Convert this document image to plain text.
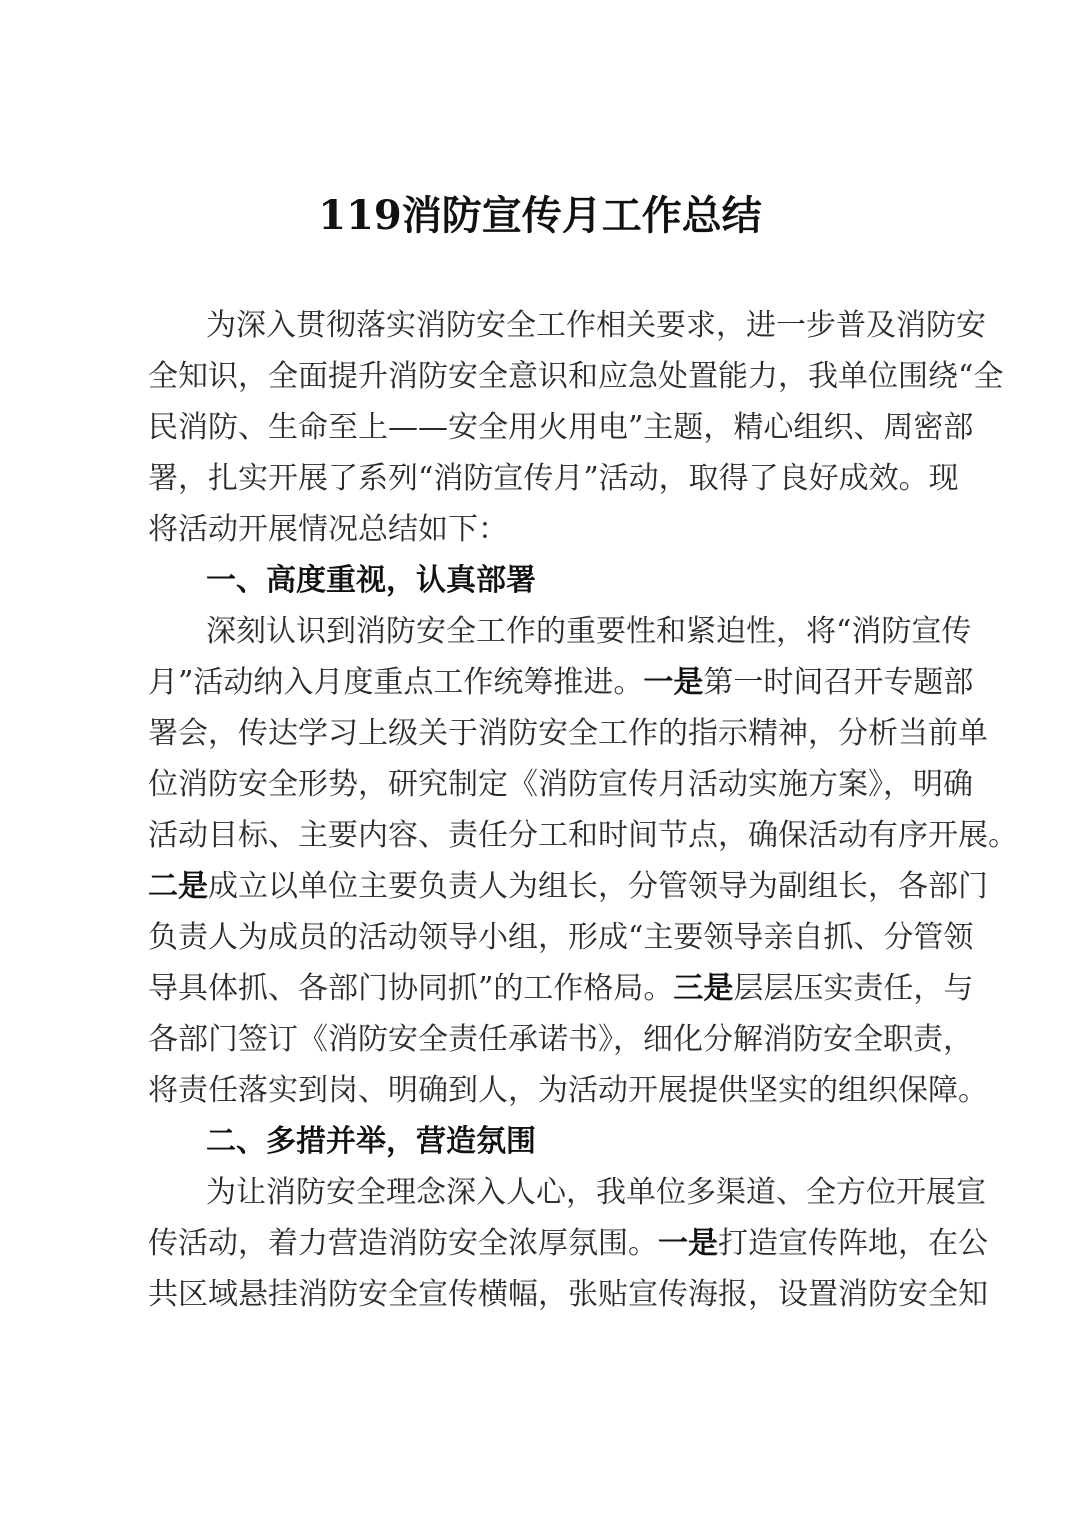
119消防宣传月工作总结
为深入贯彻落实消防安全工作相关要求，进一步普及消防安
全知识，全面提升消防安全意识和应急处置能力，我单位围绕“全
民消防、生命至上——安全用火用电”主题，精心组织、周密部
署，扎实开展了系列“消防宣传月”活动，取得了良好成效。现
将活动开展情况总结如下：
一、高度重视，认真部署
深刻认识到消防安全工作的重要性和紧迫性，将“消防宣传
月”活动纳入月度重点工作统筹推进。一是第一时间召开专题部
署会，传达学习上级关于消防安全工作的指示精神，分析当前单
位消防安全形势，研究制定《消防宣传月活动实施方案》，明确
活动目标、主要内容、责任分工和时间节点，确保活动有序开展。
二是成立以单位主要负责人为组长，分管领导为副组长，各部门
负责人为成员的活动领导小组，形成“主要领导亲自抓、分管领
导具体抓、各部门协同抓”的工作格局。三是层层压实责任，与
各部门签订《消防安全责任承诺书》，细化分解消防安全职责，
将责任落实到岗、明确到人，为活动开展提供坚实的组织保障。
二、多措并举，营造氛围
为让消防安全理念深入人心，我单位多渠道、全方位开展宣
传活动，着力营造消防安全浓厚氛围。一是打造宣传阵地，在公
共区域悬挂消防安全宣传横幅，张贴宣传海报，设置消防安全知
